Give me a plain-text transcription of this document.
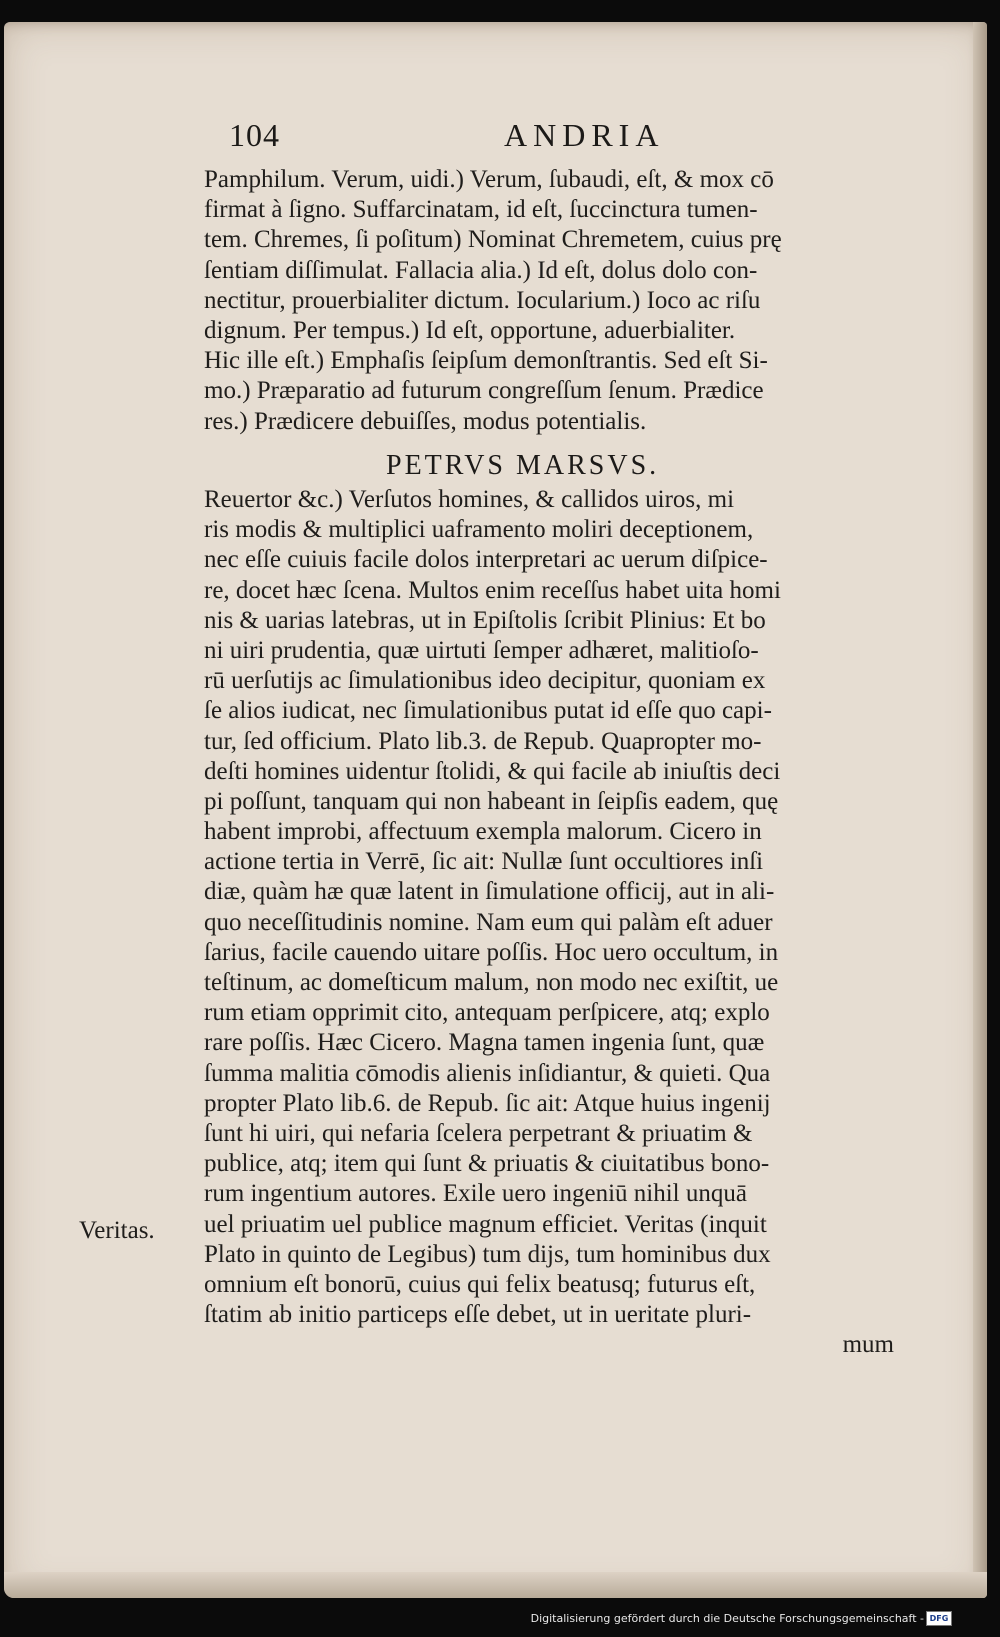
104	ANDRIA
Pamphilum. Verum, uidi.) Verum, ſubaudi, eſt, & mox cō
firmat à ſigno. Suffarcinatam, id eſt, ſuccinctura tumen-
tem. Chremes, ſi poſitum) Nominat Chremetem, cuius prę
ſentiam diſſimulat. Fallacia alia.) Id eſt, dolus dolo con-
nectitur, prouerbialiter dictum. Iocularium.) Ioco ac riſu
dignum. Per tempus.) Id eſt, opportune, aduerbialiter.
Hic ille eſt.) Emphaſis ſeipſum demonſtrantis. Sed eſt Si-
mo.) Præparatio ad futurum congreſſum ſenum. Prædice
res.) Prædicere debuiſſes, modus potentialis.
PETRVS MARSVS.
Reuertor &c.) Verſutos homines, & callidos uiros, mi
ris modis & multiplici uaframento moliri deceptionem,
nec eſſe cuiuis facile dolos interpretari ac uerum diſpice-
re, docet hæc ſcena. Multos enim receſſus habet uita homi
nis & uarias latebras, ut in Epiſtolis ſcribit Plinius: Et bo
ni uiri prudentia, quæ uirtuti ſemper adhæret, malitioſo-
rū uerſutijs ac ſimulationibus ideo decipitur, quoniam ex
ſe alios iudicat, nec ſimulationibus putat id eſſe quo capi-
tur, ſed officium. Plato lib.3. de Repub. Quapropter mo-
deſti homines uidentur ſtolidi, & qui facile ab iniuſtis deci
pi poſſunt, tanquam qui non habeant in ſeipſis eadem, quę
habent improbi, affectuum exempla malorum. Cicero in
actione tertia in Verrē, ſic ait: Nullæ ſunt occultiores inſi
diæ, quàm hæ quæ latent in ſimulatione officij, aut in ali-
quo neceſſitudinis nomine. Nam eum qui palàm eſt aduer
ſarius, facile cauendo uitare poſſis. Hoc uero occultum, in
teſtinum, ac domeſticum malum, non modo nec exiſtit, ue
rum etiam opprimit cito, antequam perſpicere, atq; explo
rare poſſis. Hæc Cicero. Magna tamen ingenia ſunt, quæ
ſumma malitia cōmodis alienis inſidiantur, & quieti. Qua
propter Plato lib.6. de Repub. ſic ait: Atque huius ingenij
ſunt hi uiri, qui nefaria ſcelera perpetrant & priuatim &
publice, atq; item qui ſunt & priuatis & ciuitatibus bono-
rum ingentium autores. Exile uero ingeniū nihil unquā
uel priuatim uel publice magnum efficiet. Veritas (inquit
Plato in quinto de Legibus) tum dijs, tum hominibus dux
omnium eſt bonorū, cuius qui felix beatusq; futurus eſt,
ſtatim ab initio particeps eſſe debet, ut in ueritate pluri-
mum
Veritas.
Digitalisierung gefördert durch die Deutsche Forschungsgemeinschaft - DFG
